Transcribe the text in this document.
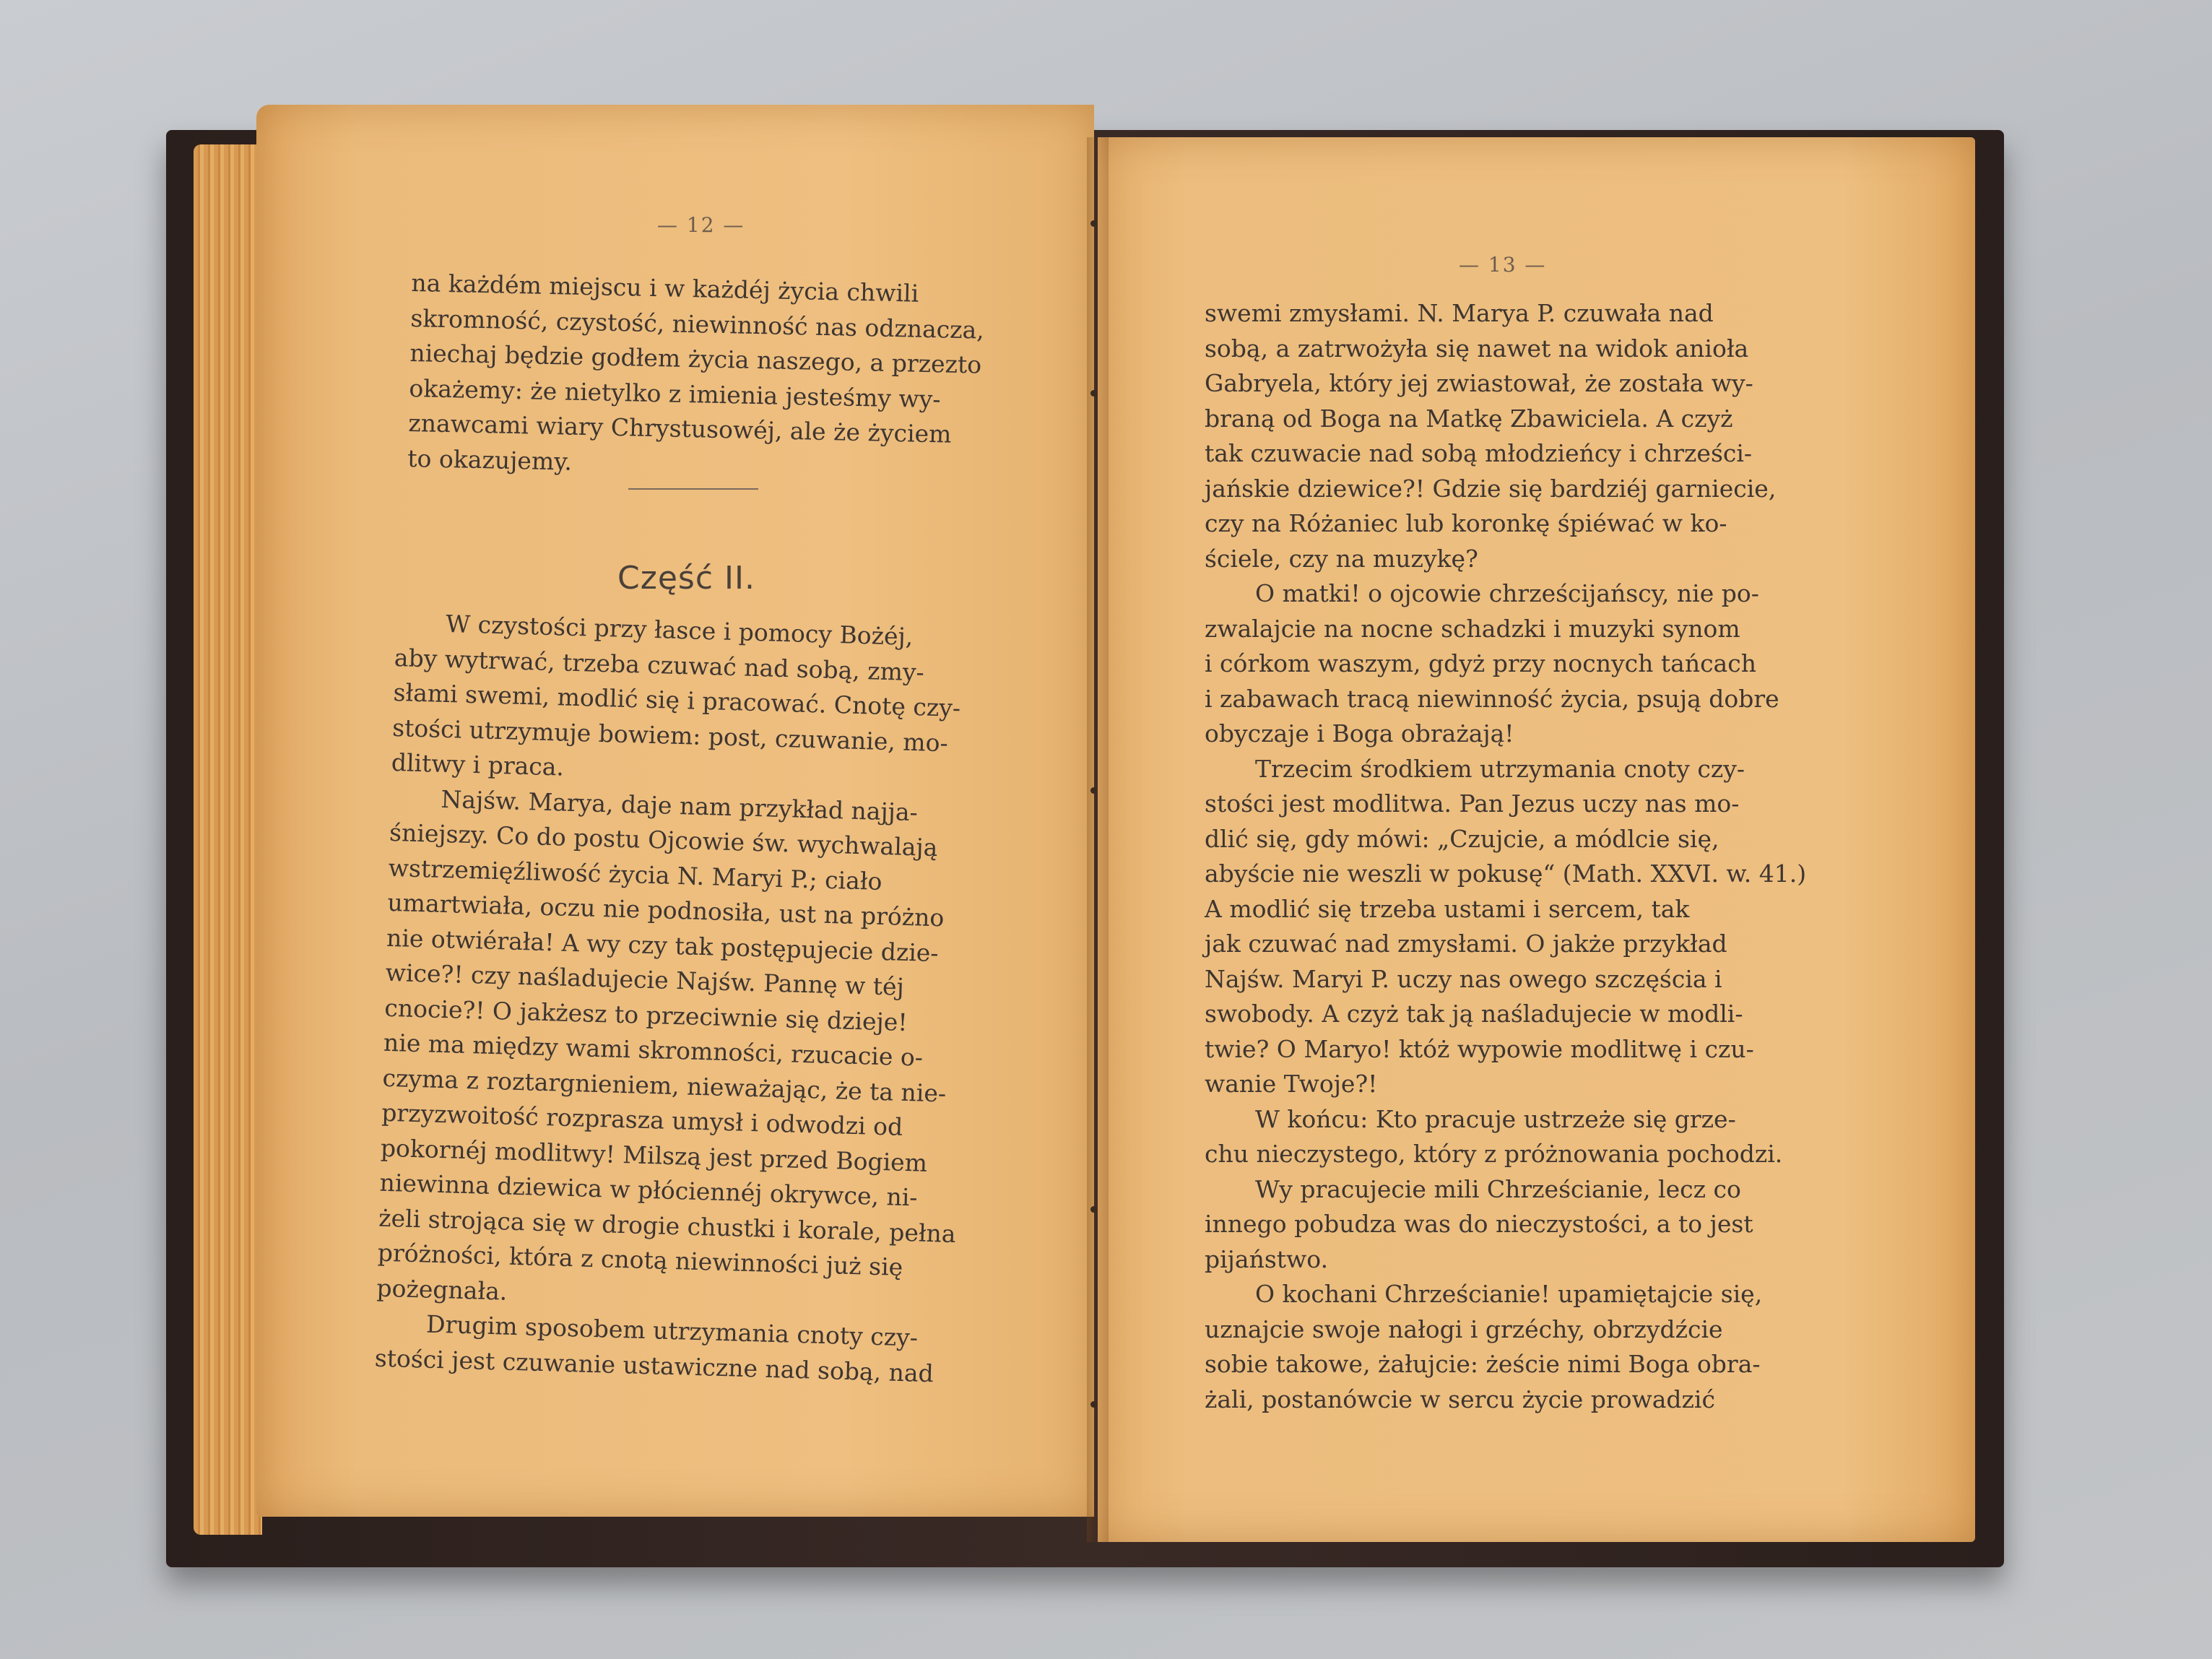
— 12 —
— 13 —
na każdém miejscu i w każdéj życia chwili
skromność, czystość, niewinność nas odznacza,
niechaj będzie godłem życia naszego, a przezto
okażemy: że nietylko z imienia jesteśmy wy-
znawcami wiary Chrystusowéj, ale że życiem
to okazujemy.
Część II.
W czystości przy łasce i pomocy Bożéj,
aby wytrwać, trzeba czuwać nad sobą, zmy-
słami swemi, modlić się i pracować. Cnotę czy-
stości utrzymuje bowiem: post, czuwanie, mo-
dlitwy i praca.
Najśw. Marya, daje nam przykład najja-
śniejszy. Co do postu Ojcowie św. wychwalają
wstrzemięźliwość życia N. Maryi P.; ciało
umartwiała, oczu nie podnosiła, ust na próżno
nie otwiérała! A wy czy tak postępujecie dzie-
wice?! czy naśladujecie Najśw. Pannę w téj
cnocie?! O jakżesz to przeciwnie się dzieje!
nie ma między wami skromności, rzucacie o-
czyma z roztargnieniem, nieważając, że ta nie-
przyzwoitość rozprasza umysł i odwodzi od
pokornéj modlitwy! Milszą jest przed Bogiem
niewinna dziewica w płóciennéj okrywce, ni-
żeli strojąca się w drogie chustki i korale, pełna
próżności, która z cnotą niewinności już się
pożegnała.
Drugim sposobem utrzymania cnoty czy-
stości jest czuwanie ustawiczne nad sobą, nad
swemi zmysłami. N. Marya P. czuwała nad
sobą, a zatrwożyła się nawet na widok anioła
Gabryela, który jej zwiastował, że została wy-
braną od Boga na Matkę Zbawiciela. A czyż
tak czuwacie nad sobą młodzieńcy i chrześci-
jańskie dziewice?! Gdzie się bardziéj garniecie,
czy na Różaniec lub koronkę śpiéwać w ko-
ściele, czy na muzykę?
O matki! o ojcowie chrześcijańscy, nie po-
zwalajcie na nocne schadzki i muzyki synom
i córkom waszym, gdyż przy nocnych tańcach
i zabawach tracą niewinność życia, psują dobre
obyczaje i Boga obrażają!
Trzecim środkiem utrzymania cnoty czy-
stości jest modlitwa. Pan Jezus uczy nas mo-
dlić się, gdy mówi: „Czujcie, a módlcie się,
abyście nie weszli w pokusę“ (Math. XXVI. w. 41.)
A modlić się trzeba ustami i sercem, tak
jak czuwać nad zmysłami. O jakże przykład
Najśw. Maryi P. uczy nas owego szczęścia i
swobody. A czyż tak ją naśladujecie w modli-
twie? O Maryo! któż wypowie modlitwę i czu-
wanie Twoje?!
W końcu: Kto pracuje ustrzeże się grze-
chu nieczystego, który z próżnowania pochodzi.
Wy pracujecie mili Chrześcianie, lecz co
innego pobudza was do nieczystości, a to jest
pijaństwo.
O kochani Chrześcianie! upamiętajcie się,
uznajcie swoje nałogi i grzéchy, obrzydźcie
sobie takowe, żałujcie: żeście nimi Boga obra-
żali, postanówcie w sercu życie prowadzić
